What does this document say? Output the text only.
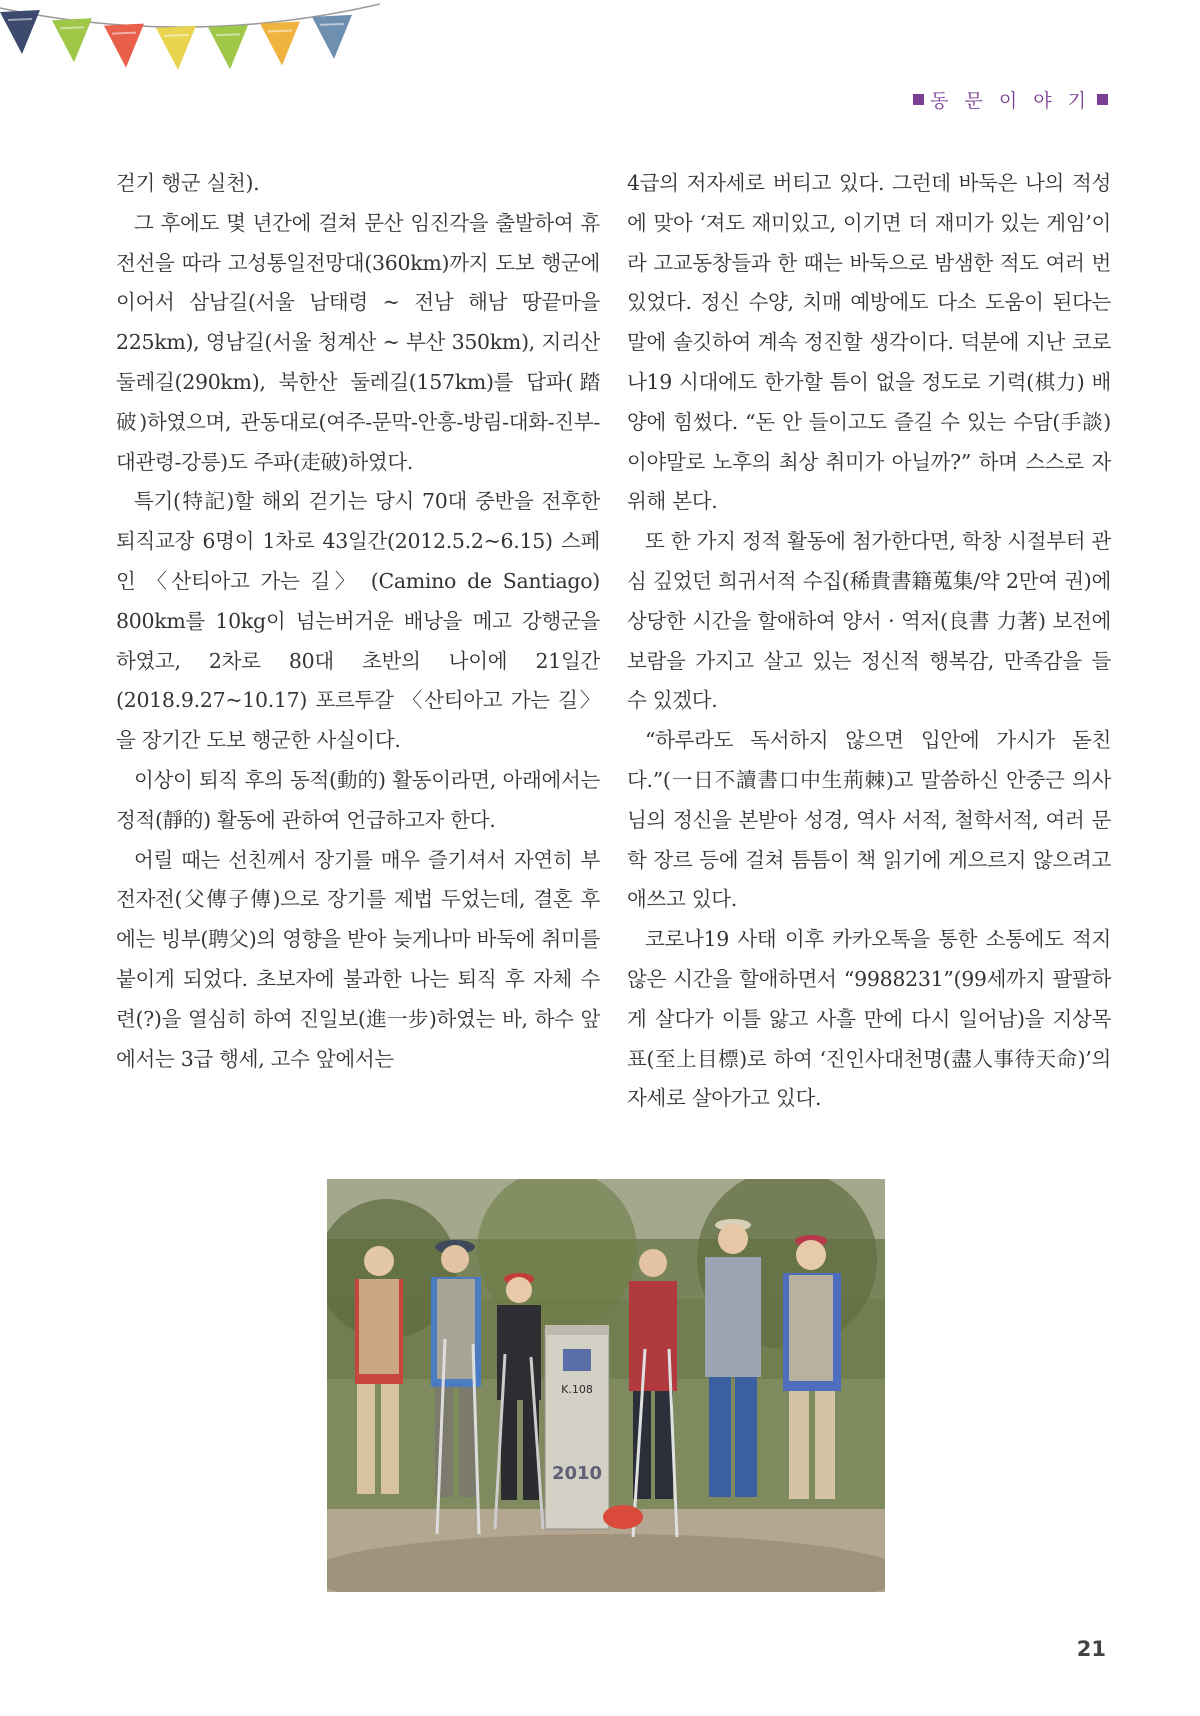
동 문 이 야 기

걷기 행군 실천).

그 후에도 몇 년간에 걸쳐 문산 임진각을 출발하여 휴전선을 따라 고성통일전망대(360km)까지 도보 행군에 이어서 삼남길(서울 남태령 ~ 전남 해남 땅끝마을 225km), 영남길(서울 청계산 ~ 부산 350km), 지리산 둘레길(290km), 북한산 둘레길(157km)를 답파(踏破)하였으며, 관동대로(여주-문막-안흥-방림-대화-진부-대관령-강릉)도 주파(走破)하였다.

특기(特記)할 해외 걷기는 당시 70대 중반을 전후한 퇴직교장 6명이 1차로 43일간(2012.5.2~6.15) 스페인 〈산티아고 가는 길〉 (Camino de Santiago) 800km를 10kg이 넘는버거운 배낭을 메고 강행군을 하였고, 2차로 80대 초반의 나이에 21일간(2018.9.27~10.17) 포르투갈 〈산티아고 가는 길〉을 장기간 도보 행군한 사실이다.

이상이 퇴직 후의 동적(動的) 활동이라면, 아래에서는 정적(靜的) 활동에 관하여 언급하고자 한다.

어릴 때는 선친께서 장기를 매우 즐기셔서 자연히 부전자전(父傳子傳)으로 장기를 제법 두었는데, 결혼 후에는 빙부(聘父)의 영향을 받아 늦게나마 바둑에 취미를 붙이게 되었다. 초보자에 불과한 나는 퇴직 후 자체 수련(?)을 열심히 하여 진일보(進一步)하였는 바, 하수 앞에서는 3급 행세, 고수 앞에서는

4급의 저자세로 버티고 있다. 그런데 바둑은 나의 적성에 맞아 ‘져도 재미있고, 이기면 더 재미가 있는 게임’이라 고교동창들과 한 때는 바둑으로 밤샘한 적도 여러 번 있었다. 정신 수양, 치매 예방에도 다소 도움이 된다는 말에 솔깃하여 계속 정진할 생각이다. 덕분에 지난 코로나19 시대에도 한가할 틈이 없을 정도로 기력(棋力) 배양에 힘썼다. “돈 안 들이고도 즐길 수 있는 수담(手談)이야말로 노후의 최상 취미가 아닐까?” 하며 스스로 자위해 본다.

또 한 가지 정적 활동에 첨가한다면, 학창 시절부터 관심 깊었던 희귀서적 수집(稀貴書籍蒐集/약 2만여 권)에 상당한 시간을 할애하여 양서 · 역저(良書 力著) 보전에 보람을 가지고 살고 있는 정신적 행복감, 만족감을 들 수 있겠다.

“하루라도 독서하지 않으면 입안에 가시가 돋친다.”(一日不讀書口中生荊棘)고 말씀하신 안중근 의사님의 정신을 본받아 성경, 역사 서적, 철학서적, 여러 문학 장르 등에 걸쳐 틈틈이 책 읽기에 게으르지 않으려고 애쓰고 있다.

코로나19 사태 이후 카카오톡을 통한 소통에도 적지 않은 시간을 할애하면서 “9988231”(99세까지 팔팔하게 살다가 이틀 앓고 사흘 만에 다시 일어남)을 지상목표(至上目標)로 하여 ‘진인사대천명(盡人事待天命)’의 자세로 살아가고 있다.

K.108
2010
21
